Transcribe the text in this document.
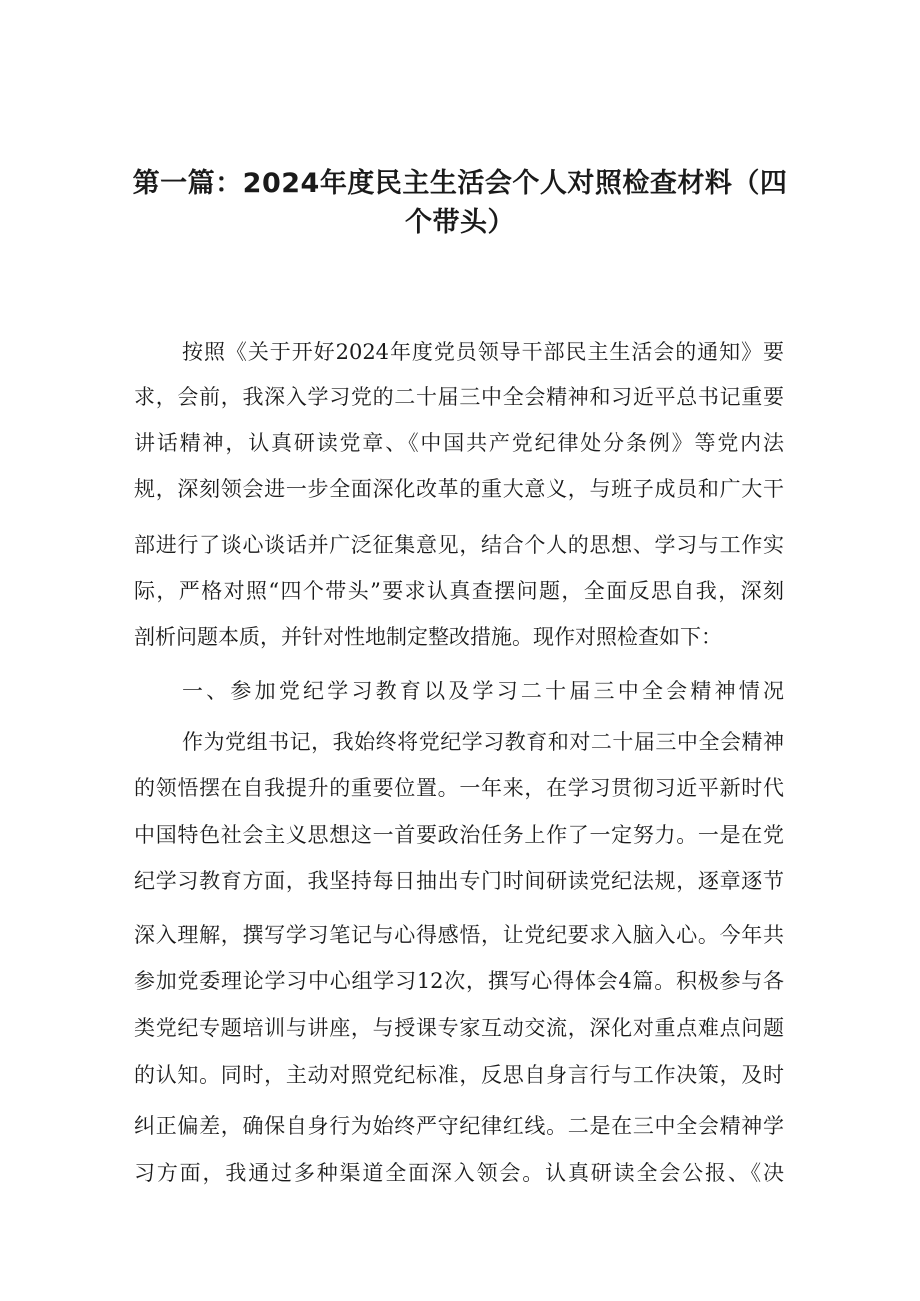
第一篇：2024年度民主生活会个人对照检查材料（四
个带头）
按照《关于开好2024年度党员领导干部民主生活会的通知》要
求，会前，我深入学习党的二十届三中全会精神和习近平总书记重要
讲话精神，认真研读党章、《中国共产党纪律处分条例》等党内法
规，深刻领会进一步全面深化改革的重大意义，与班子成员和广大干
部进行了谈心谈话并广泛征集意见，结合个人的思想、学习与工作实
际，严格对照“四个带头”要求认真查摆问题，全面反思自我，深刻
剖析问题本质，并针对性地制定整改措施。现作对照检查如下：
一、参加党纪学习教育以及学习二十届三中全会精神情况
作为党组书记，我始终将党纪学习教育和对二十届三中全会精神
的领悟摆在自我提升的重要位置。一年来，在学习贯彻习近平新时代
中国特色社会主义思想这一首要政治任务上作了一定努力。一是在党
纪学习教育方面，我坚持每日抽出专门时间研读党纪法规，逐章逐节
深入理解，撰写学习笔记与心得感悟，让党纪要求入脑入心。今年共
参加党委理论学习中心组学习12次，撰写心得体会4篇。积极参与各
类党纪专题培训与讲座，与授课专家互动交流，深化对重点难点问题
的认知。同时，主动对照党纪标准，反思自身言行与工作决策，及时
纠正偏差，确保自身行为始终严守纪律红线。二是在三中全会精神学
习方面，我通过多种渠道全面深入领会。认真研读全会公报、《决
